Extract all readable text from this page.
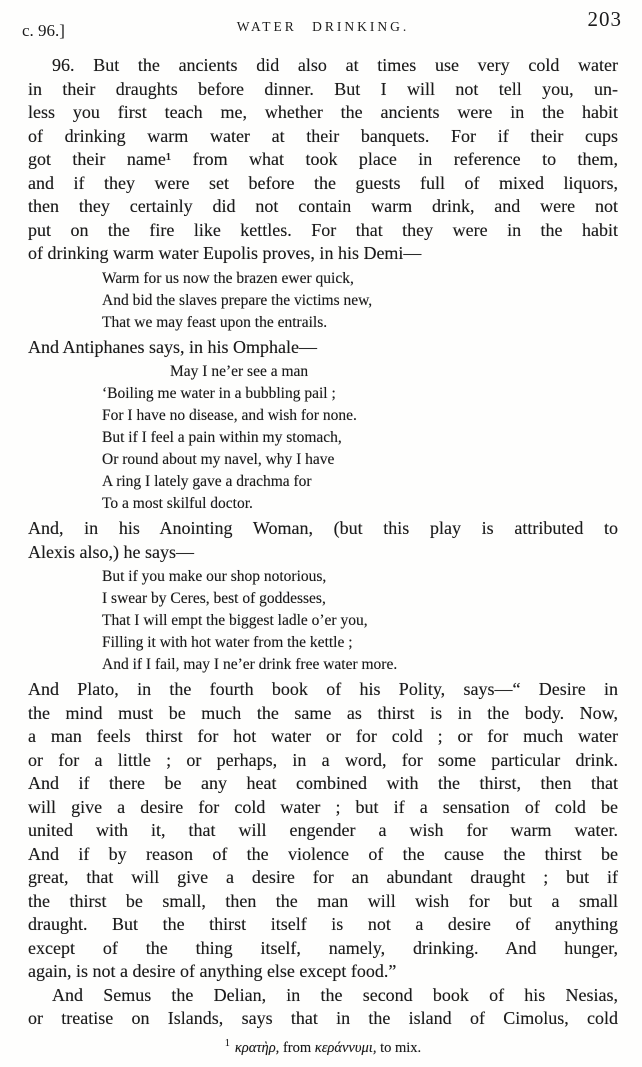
c. 96.]	WATER DRINKING.	203
96. But the ancients did also at times use very cold water
in their draughts before dinner. But I will not tell you, un-
less you first teach me, whether the ancients were in the habit
of drinking warm water at their banquets. For if their cups
got their name¹ from what took place in reference to them,
and if they were set before the guests full of mixed liquors,
then they certainly did not contain warm drink, and were not
put on the fire like kettles. For that they were in the habit
of drinking warm water Eupolis proves, in his Demi—
Warm for us now the brazen ewer quick,
And bid the slaves prepare the victims new,
That we may feast upon the entrails.
And Antiphanes says, in his Omphale—
May I ne’er see a man
‘Boiling me water in a bubbling pail ;
For I have no disease, and wish for none.
But if I feel a pain within my stomach,
Or round about my navel, why I have
A ring I lately gave a drachma for
To a most skilful doctor.
And, in his Anointing Woman, (but this play is attributed to
Alexis also,) he says—
But if you make our shop notorious,
I swear by Ceres, best of goddesses,
That I will empt the biggest ladle o’er you,
Filling it with hot water from the kettle ;
And if I fail, may I ne’er drink free water more.
And Plato, in the fourth book of his Polity, says—“ Desire in
the mind must be much the same as thirst is in the body. Now,
a man feels thirst for hot water or for cold ; or for much water
or for a little ; or perhaps, in a word, for some particular drink.
And if there be any heat combined with the thirst, then that
will give a desire for cold water ; but if a sensation of cold be
united with it, that will engender a wish for warm water.
And if by reason of the violence of the cause the thirst be
great, that will give a desire for an abundant draught ; but if
the thirst be small, then the man will wish for but a small
draught. But the thirst itself is not a desire of anything
except of the thing itself, namely, drinking. And hunger,
again, is not a desire of anything else except food.”
And Semus the Delian, in the second book of his Nesias,
or treatise on Islands, says that in the island of Cimolus, cold
$^1$ κρατὴρ, from κεράννυμι, to mix.
